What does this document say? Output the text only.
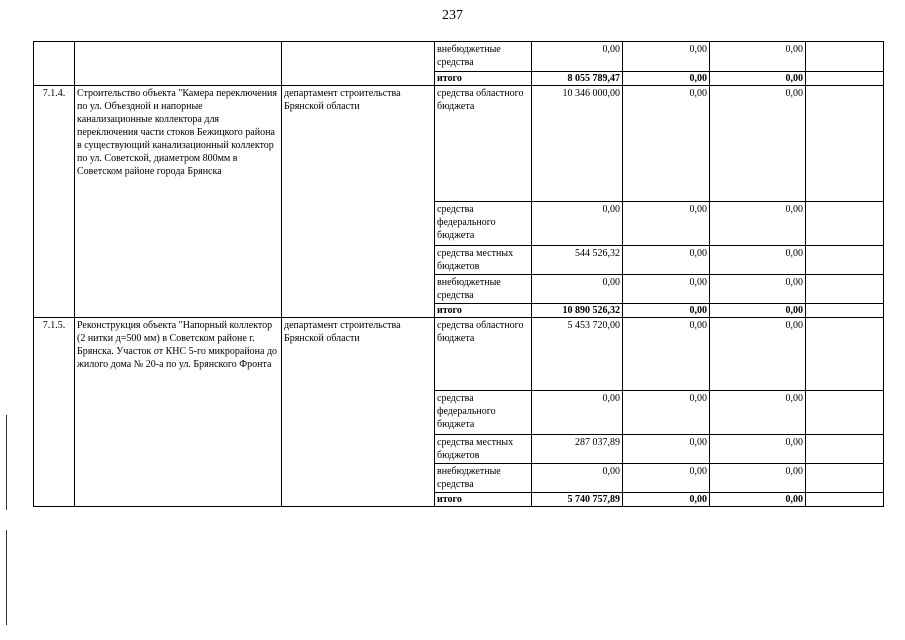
237
			внебюджетные средства	0,00	0,00	0,00	
			итого	8 055 789,47	0,00	0,00	
7.1.4.	Строительство объекта "Камера переключения по ул. Объездной и напорные канализационные коллектора для переключения части стоков Бежицкого района в существующий канализационный коллектор по ул. Советской, диаметром 800мм в Советском районе города Брянска	департамент строительства Брянской области	средства областного бюджета	10 346 000,00	0,00	0,00	
			средства федерального бюджета	0,00	0,00	0,00	
			средства местных бюджетов	544 526,32	0,00	0,00	
			внебюджетные средства	0,00	0,00	0,00	
			итого	10 890 526,32	0,00	0,00	
7.1.5.	Реконструкция объекта "Напорный коллектор (2 нитки д=500 мм) в Советском районе г. Брянска. Участок от КНС 5-го микрорайона до жилого дома № 20-а по ул. Брянского Фронта	департамент строительства Брянской области	средства областного бюджета	5 453 720,00	0,00	0,00	
			средства федерального бюджета	0,00	0,00	0,00	
			средства местных бюджетов	287 037,89	0,00	0,00	
			внебюджетные средства	0,00	0,00	0,00	
			итого	5 740 757,89	0,00	0,00	
